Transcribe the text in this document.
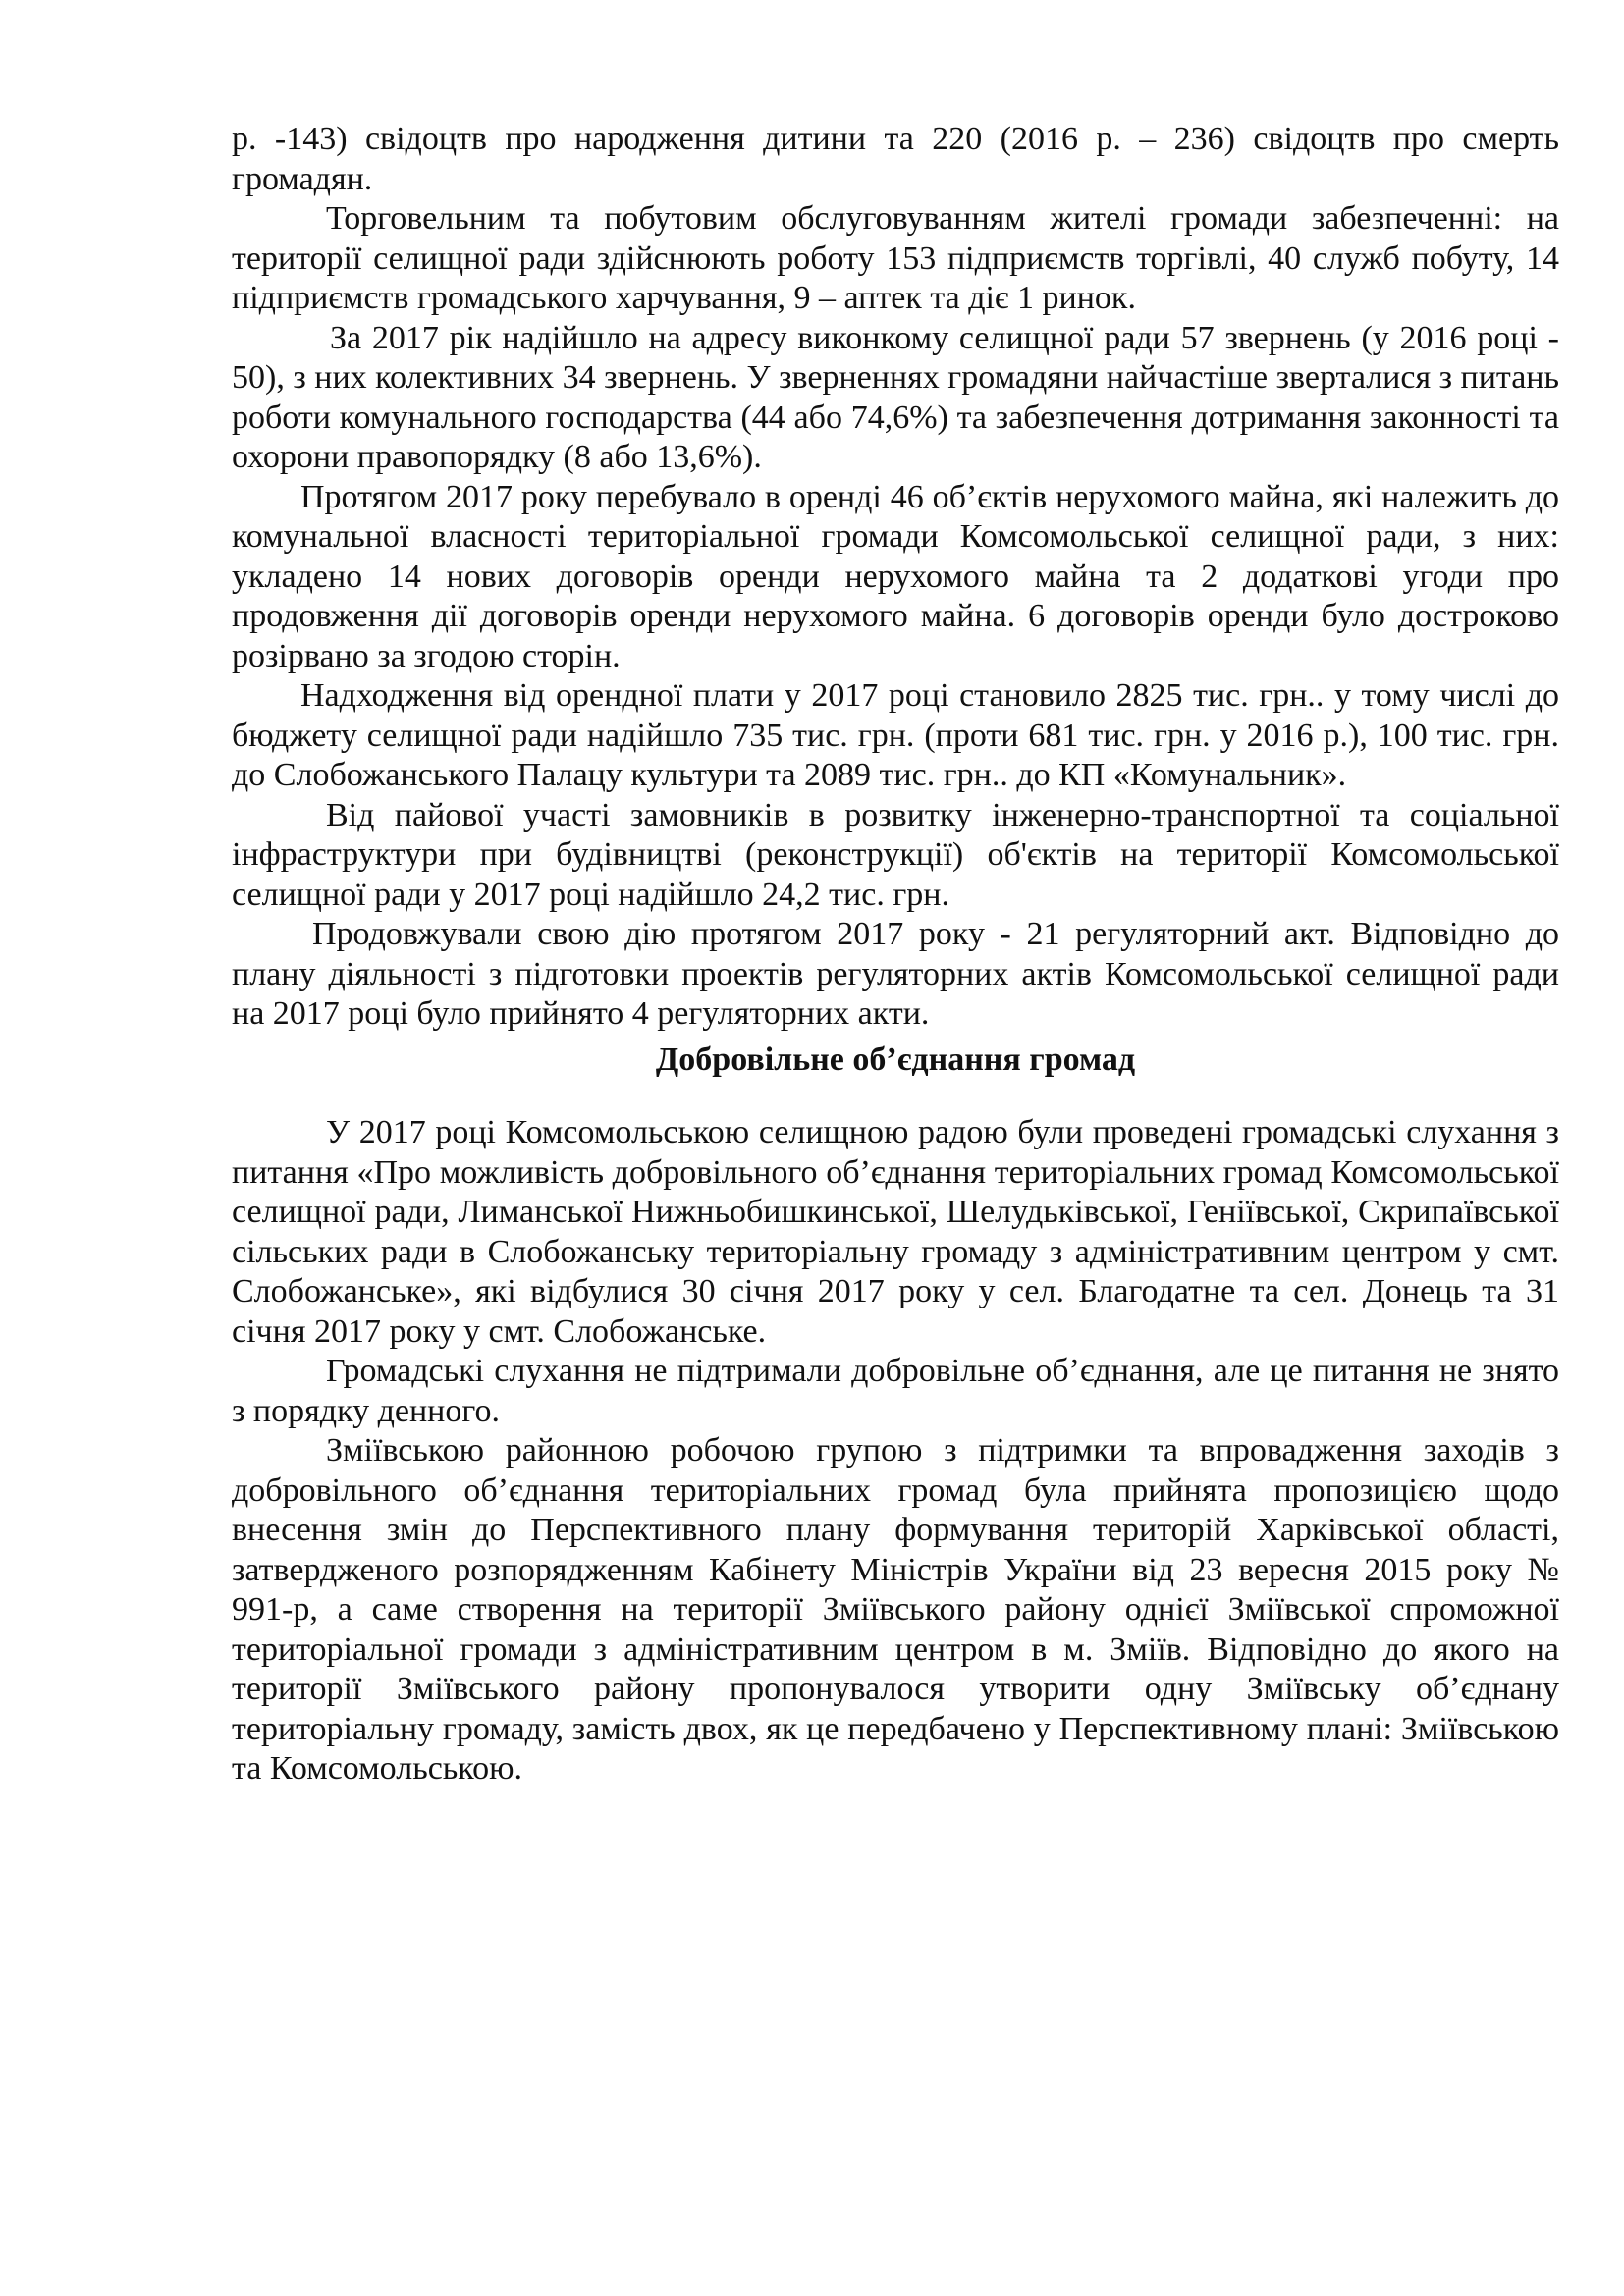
р. -143) свідоцтв про народження дитини та 220 (2016 р. – 236) свідоцтв про смерть громадян.

Торговельним та побутовим обслуговуванням жителі громади забезпеченні: на території селищної ради здійснюють роботу 153 підприємств торгівлі, 40 служб побуту, 14 підприємств громадського харчування, 9 – аптек та діє 1 ринок.

За 2017 рік надійшло на адресу виконкому селищної ради 57 звернень (у 2016 році - 50), з них колективних 34 звернень. У зверненнях громадяни найчастіше зверталися з питань роботи комунального господарства (44 або 74,6%) та забезпечення дотримання законності та охорони правопорядку (8 або 13,6%).

Протягом 2017 року перебувало в оренді 46 об’єктів нерухомого майна, які належить до комунальної власності територіальної громади Комсомольської селищної ради, з них: укладено 14 нових договорів оренди нерухомого майна та 2 додаткові угоди про продовження дії договорів оренди нерухомого майна. 6 договорів оренди було достроково розірвано за згодою сторін.

Надходження від орендної плати у 2017 році становило 2825 тис. грн.. у тому числі до бюджету селищної ради надійшло 735 тис. грн. (проти 681 тис. грн. у 2016 р.), 100 тис. грн. до Слобожанського Палацу культури та 2089 тис. грн.. до КП «Комунальник».

Від пайової участі замовників в розвитку інженерно-транспортної та соціальної інфраструктури при будівництві (реконструкції) об'єктів на території Комсомольської селищної ради у 2017 році надійшло 24,2 тис. грн.

Продовжували свою дію протягом 2017 року - 21 регуляторний акт. Відповідно до плану діяльності з підготовки проектів регуляторних актів Комсомольської селищної ради на 2017 році було прийнято 4 регуляторних акти.

Добровільне об’єднання громад

У 2017 році Комсомольською селищною радою були проведені громадські слухання з питання «Про можливість добровільного об’єднання територіальних громад Комсомольської селищної ради, Лиманської Нижньобишкинської, Шелудьківської, Геніївської, Скрипаївської сільських ради в Слобожанську територіальну громаду з адміністративним центром у смт. Слобожанське», які відбулися 30 січня 2017 року у сел. Благодатне та сел. Донець та 31 січня 2017 року у смт. Слобожанське.

Громадські слухання не підтримали добровільне об’єднання, але це питання не знято з порядку денного.

Зміївською районною робочою групою з підтримки та впровадження заходів з добровільного об’єднання територіальних громад була прийнята пропозицією щодо внесення змін до Перспективного плану формування територій Харківської області, затвердженого розпорядженням Кабінету Міністрів України від 23 вересня 2015 року № 991-р, а саме створення на території Зміївського району однієї Зміївської спроможної територіальної громади з адміністративним центром в м. Зміїв. Відповідно до якого на території Зміївського району пропонувалося утворити одну Зміївську об’єднану територіальну громаду, замість двох, як це передбачено у Перспективному плані: Зміївською та Комсомольською.
